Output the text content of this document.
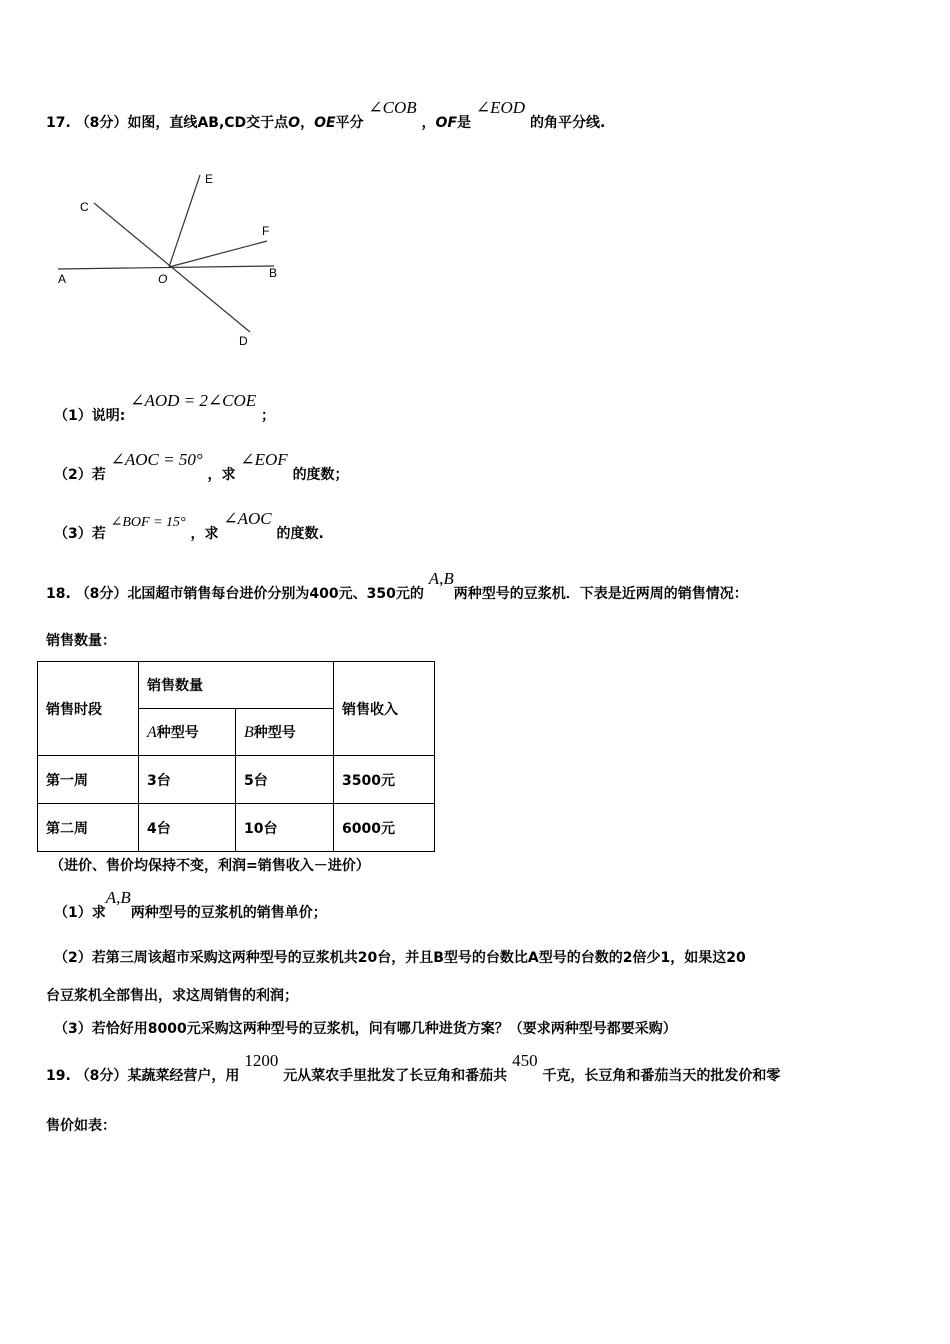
17. （8分）如图，直线AB,CD交于点O，OE平分 ∠COB ，OF是 ∠EOD 的角平分线.
A	B
C
D
E
F
O
（1）说明: ∠AOD = 2∠COE ；
（2）若 ∠AOC = 50° ，求 ∠EOF 的度数；
（3）若 ∠BOF = 15° ，求 ∠AOC 的度数.
18. （8分）北国超市销售每台进价分别为400元、350元的 A,B两种型号的豆浆机．下表是近两周的销售情况：
销售数量：
销售时段	销售数量		销售收入
	A种型号	B种型号	
第一周	3台	5台	3500元
第二周	4台	10台	6000元
（进价、售价均保持不变，利润=销售收入－进价）
（1）求A,B两种型号的豆浆机的销售单价；
（2）若第三周该超市采购这两种型号的豆浆机共20台，并且B型号的台数比A型号的台数的2倍少1，如果这20
台豆浆机全部售出，求这周销售的利润；
（3）若恰好用8000元采购这两种型号的豆浆机，问有哪几种进货方案？（要求两种型号都要采购）
19. （8分）某蔬菜经营户，用 1200 元从菜农手里批发了长豆角和番茄共 450 千克，长豆角和番茄当天的批发价和零
售价如表：
